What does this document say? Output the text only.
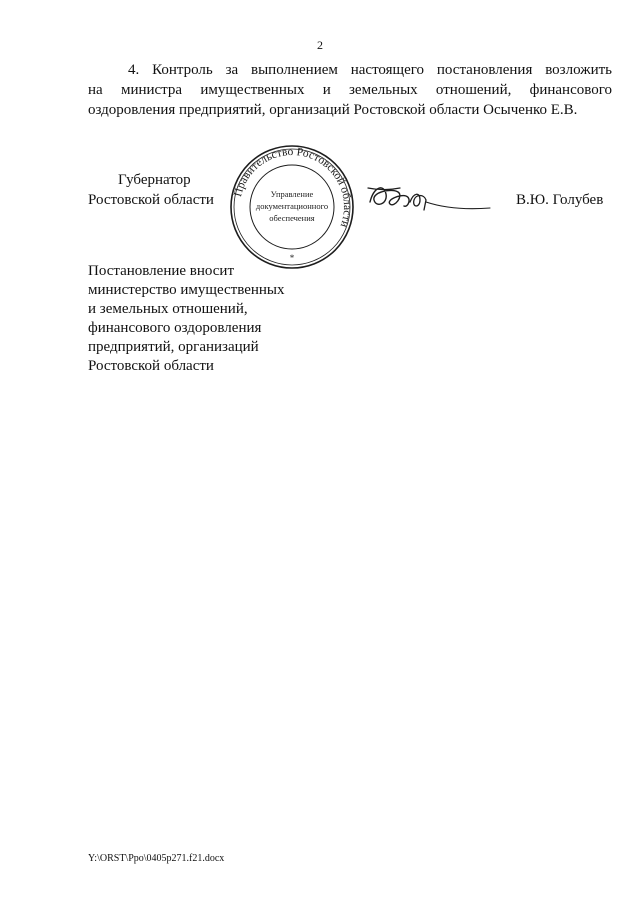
2
4. Контроль за выполнением настоящего постановления возложить
на министра имущественных и земельных отношений, финансового
оздоровления предприятий, организаций Ростовской области Осыченко Е.В.
Губернатор
Ростовской области Правительство Ростовской области
Управление
документационного
обеспечения
*
В.Ю. Голубев
Постановление вносит
министерство имущественных
и земельных отношений,
финансового оздоровления
предприятий, организаций
Ростовской области
Y:\ORST\Ppo\0405p271.f21.docx
